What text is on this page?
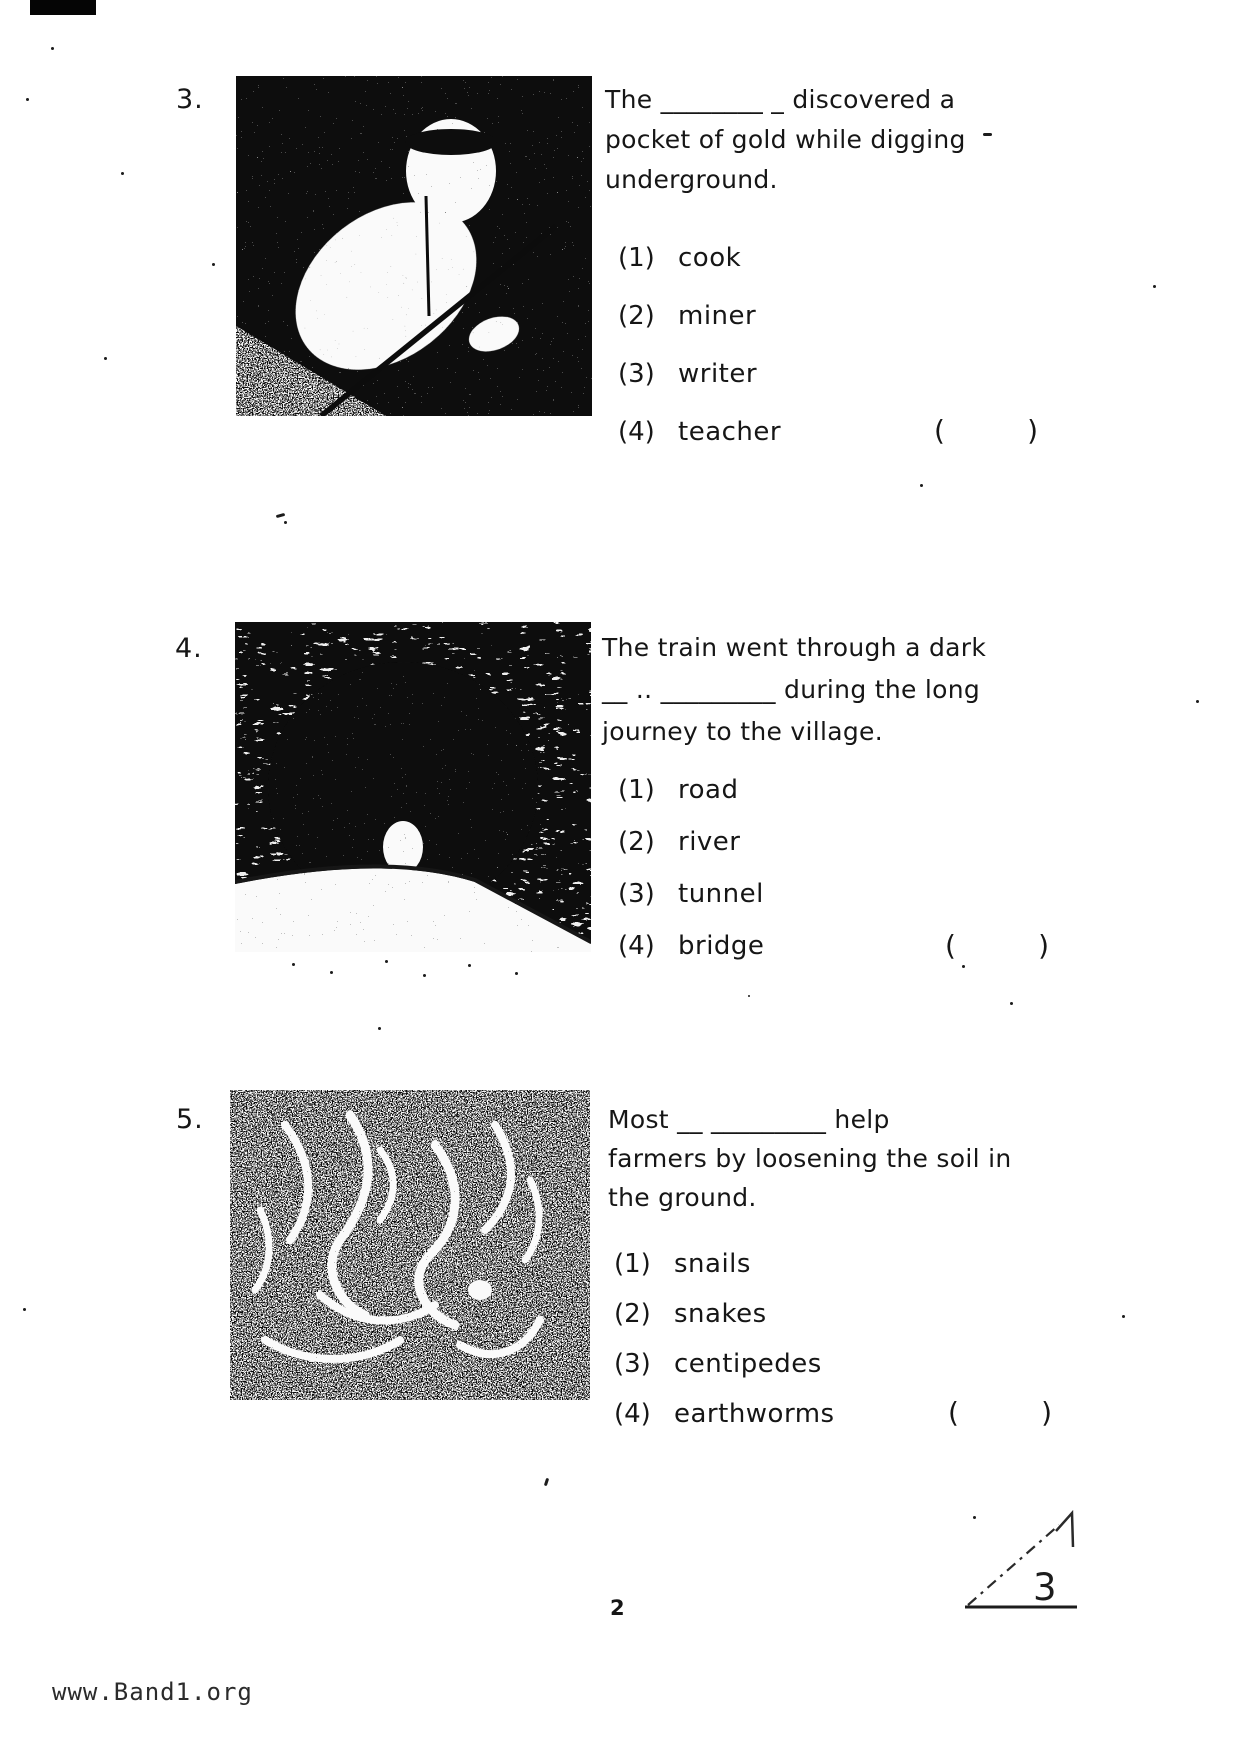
3.	The ________ _ discovered a
pocket of gold while digging
underground.
(1) cook
(2) miner
(3) writer
(4) teacher	(	)
4.	The train went through a dark
__ .. _________ during the long
journey to the village.
(1) road
(2) river
(3) tunnel
(4) bridge	(	)
5.	Most __ _________ help
farmers by loosening the soil in
the ground.
(1) snails
(2) snakes
(3) centipedes
(4) earthworms	(	)
2	3
www.Band1.org
